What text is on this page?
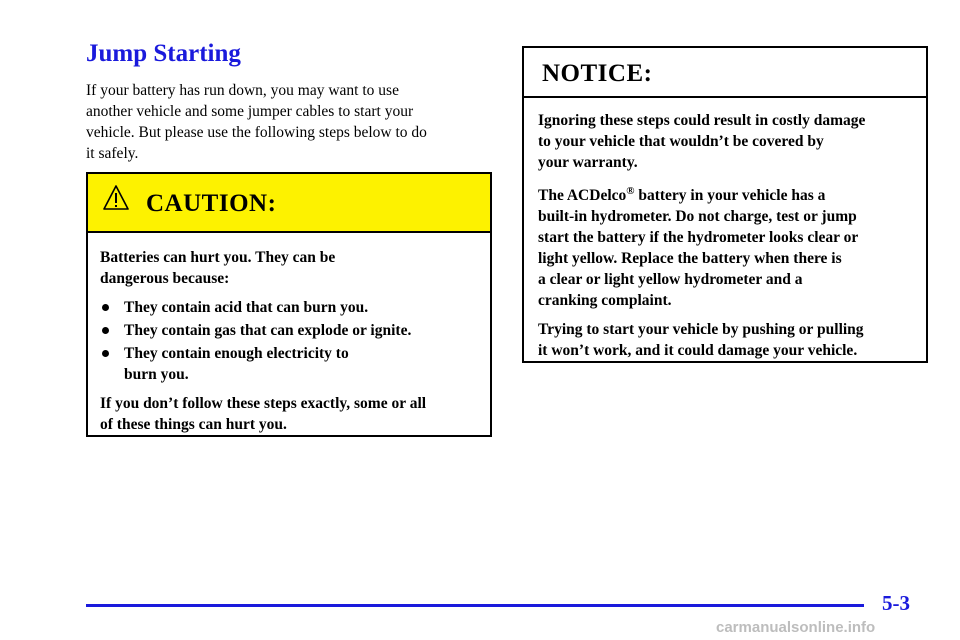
Jump Starting

If your battery has run down, you may want to use
another vehicle and some jumper cables to start your
vehicle. But please use the following steps below to do
it safely.

CAUTION:

Batteries can hurt you. They can be
dangerous because:

They contain acid that can burn you.
They contain gas that can explode or ignite.
They contain enough electricity to
burn you.

If you don’t follow these steps exactly, some or all
of these things can hurt you.

NOTICE:

Ignoring these steps could result in costly damage
to your vehicle that wouldn’t be covered by
your warranty.

The ACDelco® battery in your vehicle has a
built-in hydrometer. Do not charge, test or jump
start the battery if the hydrometer looks clear or
light yellow. Replace the battery when there is
a clear or light yellow hydrometer and a
cranking complaint.

Trying to start your vehicle by pushing or pulling
it won’t work, and it could damage your vehicle.

5-3
carmanualsonline.info
